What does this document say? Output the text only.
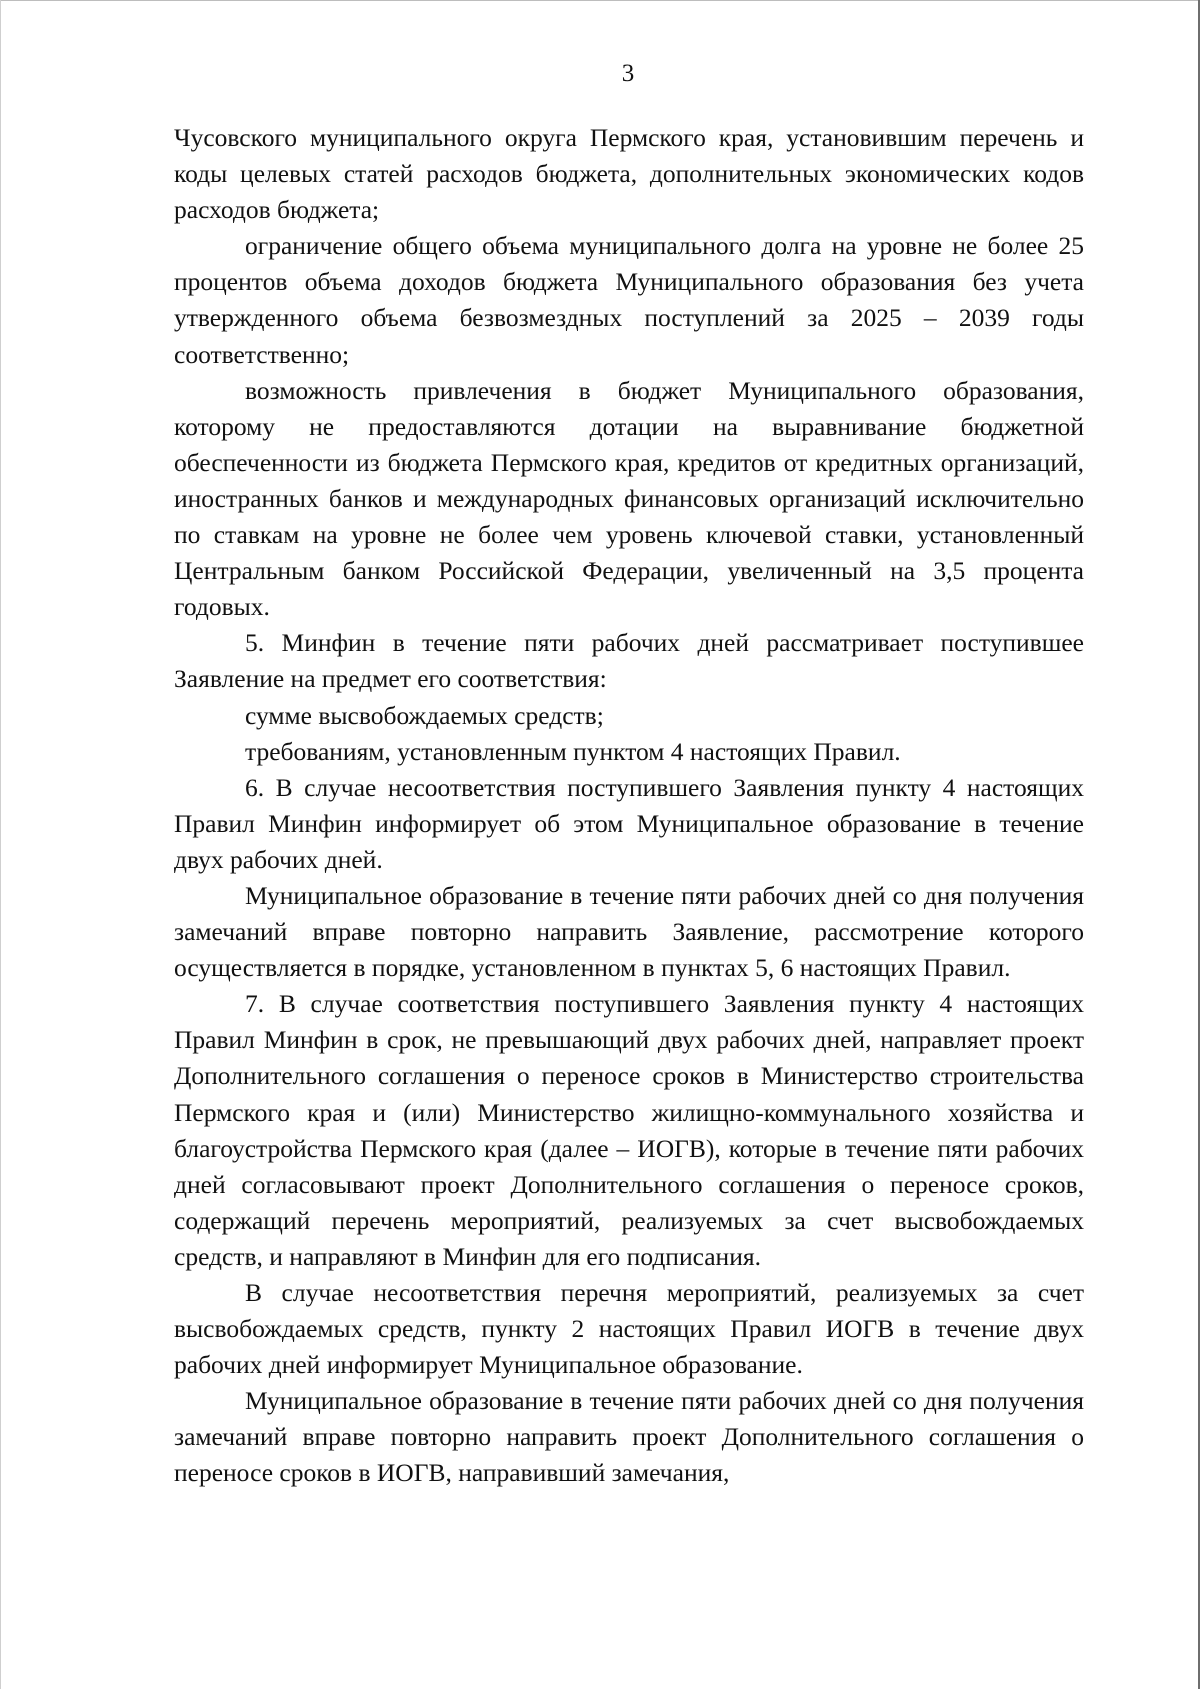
3

Чусовского муниципального округа Пермского края, установившим перечень и коды целевых статей расходов бюджета, дополнительных экономических кодов расходов бюджета;

ограничение общего объема муниципального долга на уровне не более 25 процентов объема доходов бюджета Муниципального образования без учета утвержденного объема безвозмездных поступлений за 2025 – 2039 годы соответственно;

возможность привлечения в бюджет Муниципального образования, которому не предоставляются дотации на выравнивание бюджетной обеспеченности из бюджета Пермского края, кредитов от кредитных организаций, иностранных банков и международных финансовых организаций исключительно по ставкам на уровне не более чем уровень ключевой ставки, установленный Центральным банком Российской Федерации, увеличенный на 3,5 процента годовых.

5. Минфин в течение пяти рабочих дней рассматривает поступившее Заявление на предмет его соответствия:

сумме высвобождаемых средств;

требованиям, установленным пунктом 4 настоящих Правил.

6. В случае несоответствия поступившего Заявления пункту 4 настоящих Правил Минфин информирует об этом Муниципальное образование в течение двух рабочих дней.

Муниципальное образование в течение пяти рабочих дней со дня получения замечаний вправе повторно направить Заявление, рассмотрение которого осуществляется в порядке, установленном в пунктах 5, 6 настоящих Правил.

7. В случае соответствия поступившего Заявления пункту 4 настоящих Правил Минфин в срок, не превышающий двух рабочих дней, направляет проект Дополнительного соглашения о переносе сроков в Министерство строительства Пермского края и (или) Министерство жилищно-коммунального хозяйства и благоустройства Пермского края (далее – ИОГВ), которые в течение пяти рабочих дней согласовывают проект Дополнительного соглашения о переносе сроков, содержащий перечень мероприятий, реализуемых за счет высвобождаемых средств, и направляют в Минфин для его подписания.

В случае несоответствия перечня мероприятий, реализуемых за счет высвобождаемых средств, пункту 2 настоящих Правил ИОГВ в течение двух рабочих дней информирует Муниципальное образование.

Муниципальное образование в течение пяти рабочих дней со дня получения замечаний вправе повторно направить проект Дополнительного соглашения о переносе сроков в ИОГВ, направивший замечания,
